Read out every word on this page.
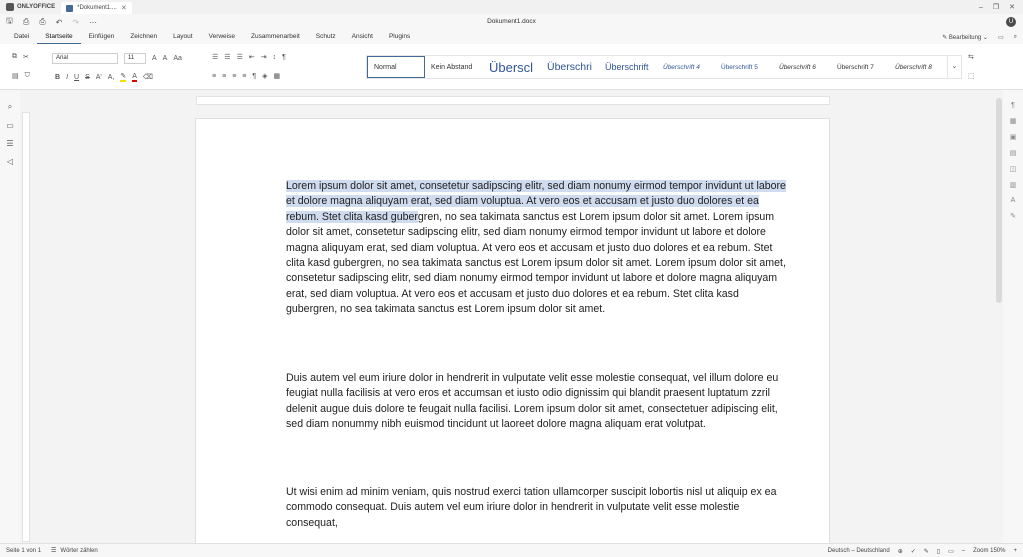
ONLYOFFICE	*Dokument1.... ✕	– ❐ ✕
🖫 ⎙ ⎙ ↶ ↷ ⋯	Dokument1.docx	U
Datei	Startseite	Einfügen	Zeichnen	Layout	Verweise	Zusammenarbeit	Schutz	Ansicht	Plugins	✎ Bearbeitung ⌄ ▭ ⌕
⧉ ✂
▤ ⛉
Arial	11	A A Aa
B I U S A' A, ✎ A ⌫
☰ ☰ ☰ ⇤ ⇥ ↕ ¶
≡ ≡ ≡ ≡ ¶ ◈ ▦
Normal	Kein Abstand	Überscl	Überschri	Überschrift	Überschrift 4	Überschrift 5	Überschrift 6	Überschrift 7	Überschrift 8	⌄
⇆
⬚
⌕
▭
☰
◁
Lorem ipsum dolor sit amet, consetetur sadipscing elitr, sed diam nonumy eirmod tempor invidunt ut labore et dolore magna aliquyam erat, sed diam voluptua. At vero eos et accusam et justo duo dolores et ea rebum. Stet clita kasd gubergren, no sea takimata sanctus est Lorem ipsum dolor sit amet. Lorem ipsum dolor sit amet, consetetur sadipscing elitr, sed diam nonumy eirmod tempor invidunt ut labore et dolore magna aliquyam erat, sed diam voluptua. At vero eos et accusam et justo duo dolores et ea rebum. Stet clita kasd gubergren, no sea takimata sanctus est Lorem ipsum dolor sit amet. Lorem ipsum dolor sit amet, consetetur sadipscing elitr, sed diam nonumy eirmod tempor invidunt ut labore et dolore magna aliquyam erat, sed diam voluptua. At vero eos et accusam et justo duo dolores et ea rebum. Stet clita kasd gubergren, no sea takimata sanctus est Lorem ipsum dolor sit amet.
Duis autem vel eum iriure dolor in hendrerit in vulputate velit esse molestie consequat, vel illum dolore eu feugiat nulla facilisis at vero eros et accumsan et iusto odio dignissim qui blandit praesent luptatum zzril delenit augue duis dolore te feugait nulla facilisi. Lorem ipsum dolor sit amet, consectetuer adipiscing elit, sed diam nonummy nibh euismod tincidunt ut laoreet dolore magna aliquam erat volutpat.
Ut wisi enim ad minim veniam, quis nostrud exerci tation ullamcorper suscipit lobortis nisl ut aliquip ex ea commodo consequat. Duis autem vel eum iriure dolor in hendrerit in vulputate velit esse molestie consequat,
¶
▦
▣
▤
◫
▥
A
✎
Seite 1 von 1 ☰ Wörter zählen	Deutsch – Deutschland ⊕ ✓ ✎ ▯ ▭ – Zoom 150% +
